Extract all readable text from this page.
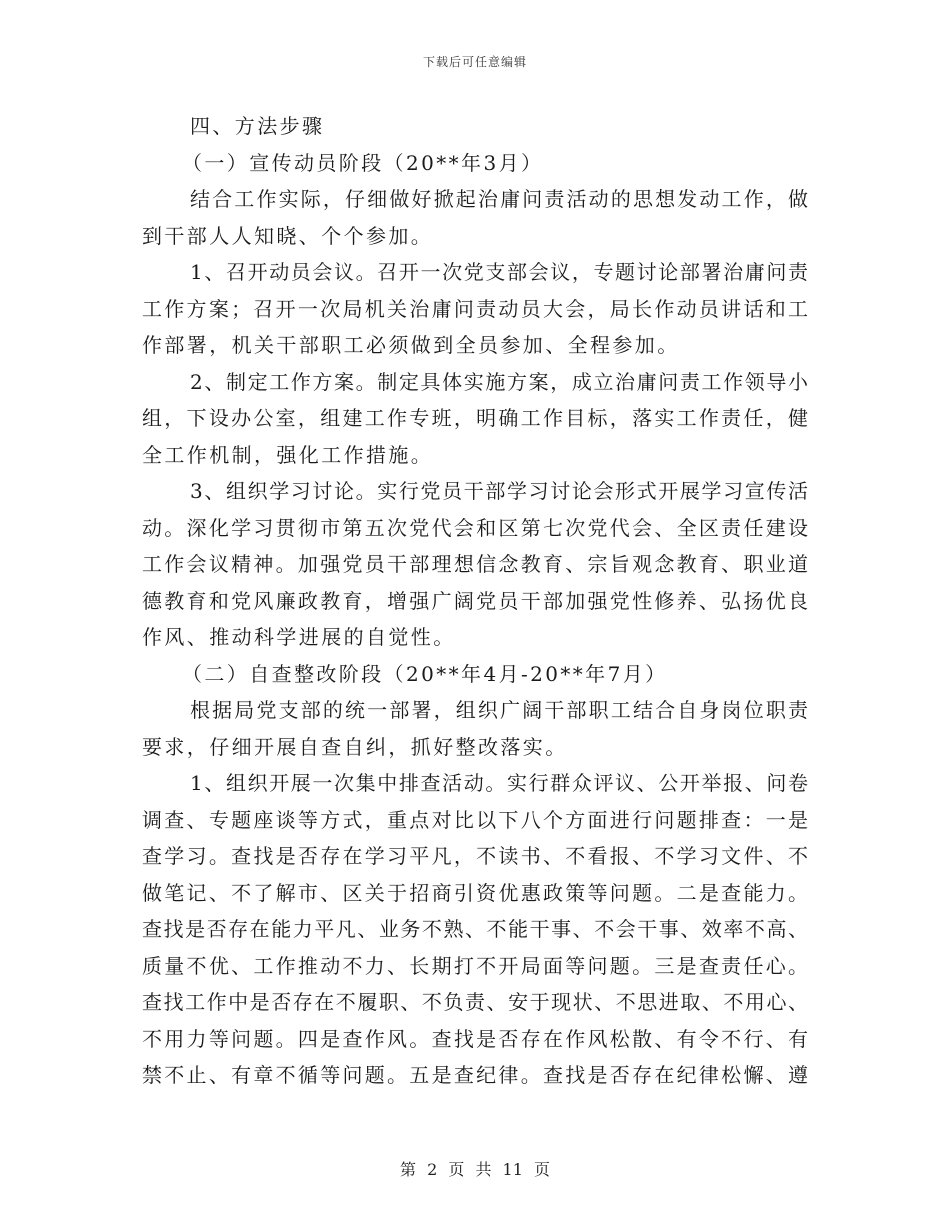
下载后可任意编辑
四、方法步骤
（一）宣传动员阶段（20**年3月）
结合工作实际，仔细做好掀起治庸问责活动的思想发动工作，做
到干部人人知晓、个个参加。
1、召开动员会议。召开一次党支部会议，专题讨论部署治庸问责
工作方案；召开一次局机关治庸问责动员大会，局长作动员讲话和工
作部署，机关干部职工必须做到全员参加、全程参加。
2、制定工作方案。制定具体实施方案，成立治庸问责工作领导小
组，下设办公室，组建工作专班，明确工作目标，落实工作责任，健
全工作机制，强化工作措施。
3、组织学习讨论。实行党员干部学习讨论会形式开展学习宣传活
动。深化学习贯彻市第五次党代会和区第七次党代会、全区责任建设
工作会议精神。加强党员干部理想信念教育、宗旨观念教育、职业道
德教育和党风廉政教育，增强广阔党员干部加强党性修养、弘扬优良
作风、推动科学进展的自觉性。
（二）自查整改阶段（20**年4月-20**年7月）
根据局党支部的统一部署，组织广阔干部职工结合自身岗位职责
要求，仔细开展自查自纠，抓好整改落实。
1、组织开展一次集中排查活动。实行群众评议、公开举报、问卷
调查、专题座谈等方式，重点对比以下八个方面进行问题排查：一是
查学习。查找是否存在学习平凡，不读书、不看报、不学习文件、不
做笔记、不了解市、区关于招商引资优惠政策等问题。二是查能力。
查找是否存在能力平凡、业务不熟、不能干事、不会干事、效率不高、
质量不优、工作推动不力、长期打不开局面等问题。三是查责任心。
查找工作中是否存在不履职、不负责、安于现状、不思进取、不用心、
不用力等问题。四是查作风。查找是否存在作风松散、有令不行、有
禁不止、有章不循等问题。五是查纪律。查找是否存在纪律松懈、遵
第 2 页 共 11 页
